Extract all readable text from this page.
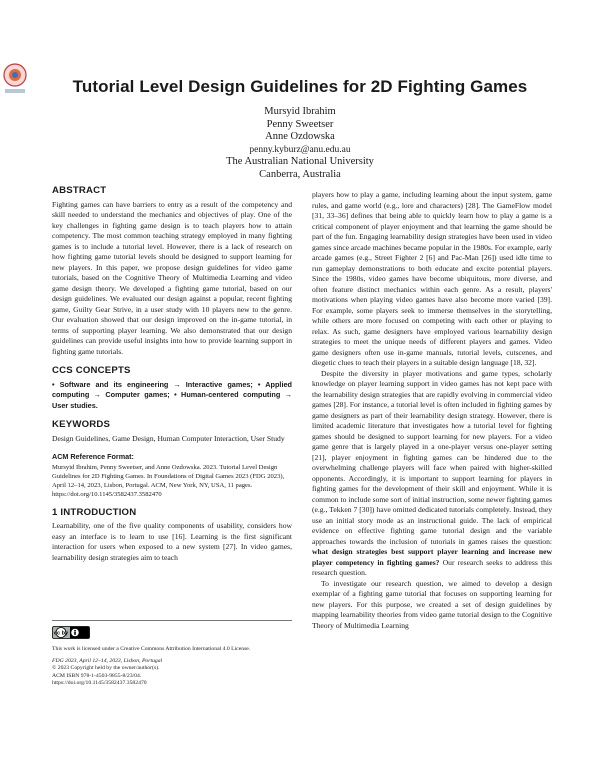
Tutorial Level Design Guidelines for 2D Fighting Games
Mursyid Ibrahim
Penny Sweetser
Anne Ozdowska
penny.kyburz@anu.edu.au
The Australian National University
Canberra, Australia
ABSTRACT

Fighting games can have barriers to entry as a result of the competency and skill needed to understand the mechanics and objectives of play. One of the key challenges in fighting game design is to teach players how to attain competency. The most common teaching strategy employed in many fighting games is to include a tutorial level. However, there is a lack of research on how fighting game tutorial levels should be designed to support learning for new players. In this paper, we propose design guidelines for video game tutorials, based on the Cognitive Theory of Multimedia Learning and video game design theory. We developed a fighting game tutorial, based on our design guidelines. We evaluated our design against a popular, recent fighting game, Guilty Gear Strive, in a user study with 10 players new to the genre. Our evaluation showed that our design improved on the in-game tutorial, in terms of supporting player learning. We also demonstrated that our design guidelines can provide useful insights into how to provide learning support in fighting game tutorials.

CCS CONCEPTS

• Software and its engineering → Interactive games; • Applied computing → Computer games; • Human-centered computing → User studies.

KEYWORDS

Design Guidelines, Game Design, Human Computer Interaction, User Study

ACM Reference Format:

Mursyid Ibrahim, Penny Sweetser, and Anne Ozdowska. 2023. Tutorial Level Design Guidelines for 2D Fighting Games. In Foundations of Digital Games 2023 (FDG 2023), April 12–14, 2023, Lisbon, Portugal. ACM, New York, NY, USA, 11 pages. https://doi.org/10.1145/3582437.3582470

1 INTRODUCTION

Learnability, one of the five quality components of usability, considers how easy an interface is to learn to use [16]. Learning is the first significant interaction for users when exposed to a new system [27]. In video games, learnability design strategies aim to teach

cc by
This work is licensed under a Creative Commons Attribution International 4.0 License.
FDG 2023, April 12–14, 2023, Lisbon, Portugal
© 2023 Copyright held by the owner/author(s).
ACM ISBN 978-1-4503-9855-8/23/04.
https://doi.org/10.1145/3582437.3582470

players how to play a game, including learning about the input system, game rules, and game world (e.g., lore and characters) [28]. The GameFlow model [31, 33–36] defines that being able to quickly learn how to play a game is a critical component of player enjoyment and that learning the game should be part of the fun. Engaging learnability design strategies have been used in video games since arcade machines became popular in the 1980s. For example, early arcade games (e.g., Street Fighter 2 [6] and Pac-Man [26]) used idle time to run gameplay demonstrations to both educate and excite potential players. Since the 1980s, video games have become ubiquitous, more diverse, and often feature distinct mechanics within each genre. As a result, players' motivations when playing video games have also become more varied [39]. For example, some players seek to immerse themselves in the storytelling, while others are more focused on competing with each other or playing to relax. As such, game designers have employed various learnability design strategies to meet the unique needs of different players and games. Video game designers often use in-game manuals, tutorial levels, cutscenes, and diegetic clues to teach their players in a suitable design language [18, 32].

Despite the diversity in player motivations and game types, scholarly knowledge on player learning support in video games has not kept pace with the learnability design strategies that are rapidly evolving in commercial video games [28]. For instance, a tutorial level is often included in fighting games by game designers as part of their learnability design strategy. However, there is limited academic literature that investigates how a tutorial level for fighting games should be designed to support learning for new players. For a video game genre that is largely played in a one-player versus one-player setting [21], player enjoyment in fighting games can be hindered due to the overwhelming challenge players will face when paired with higher-skilled opponents. Accordingly, it is important to support learning for players in fighting games for the development of their skill and enjoyment. While it is common to include some sort of initial instruction, some newer fighting games (e.g., Tekken 7 [30]) have omitted dedicated tutorials completely. Instead, they use an initial story mode as an instructional guide. The lack of empirical evidence on effective fighting game tutorial design and the variable approaches towards the inclusion of tutorials in games raises the question: what design strategies best support player learning and increase new player competency in fighting games? Our research seeks to address this research question.

To investigate our research question, we aimed to develop a design exemplar of a fighting game tutorial that focuses on supporting learning for new players. For this purpose, we created a set of design guidelines by mapping learnability theories from video game tutorial design to the Cognitive Theory of Multimedia Learning
